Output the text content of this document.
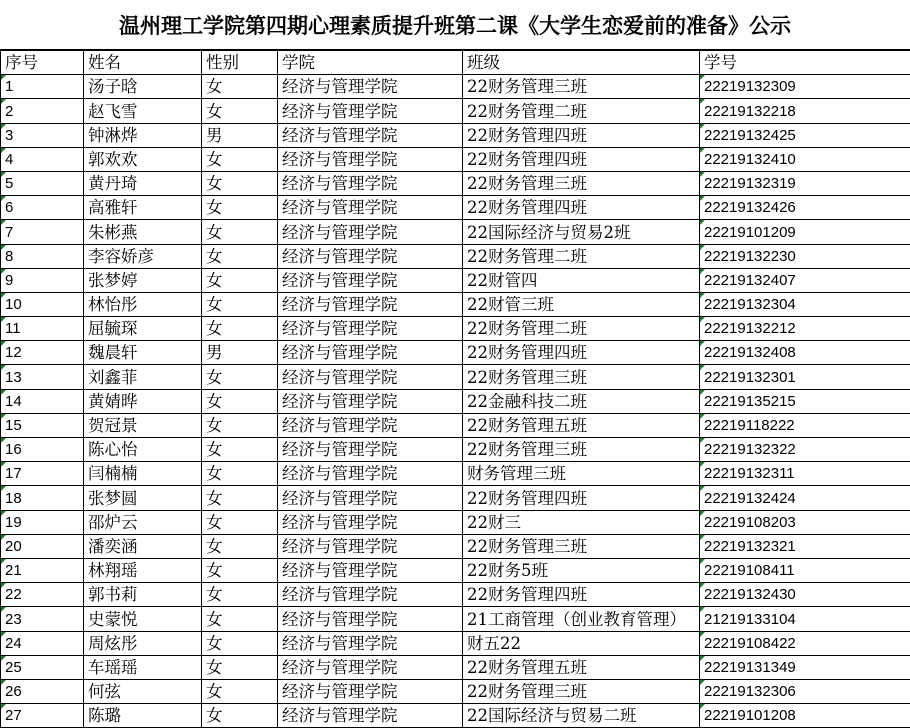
温州理工学院第四期心理素质提升班第二课《大学生恋爱前的准备》公示
序号	姓名	性别	学院	班级	学号
1	汤子晗	女	经济与管理学院	22财务管理三班	22219132309
2	赵飞雪	女	经济与管理学院	22财务管理二班	22219132218
3	钟淋烨	男	经济与管理学院	22财务管理四班	22219132425
4	郭欢欢	女	经济与管理学院	22财务管理四班	22219132410
5	黄丹琦	女	经济与管理学院	22财务管理三班	22219132319
6	高雅轩	女	经济与管理学院	22财务管理四班	22219132426
7	朱彬燕	女	经济与管理学院	22国际经济与贸易2班	22219101209
8	李容娇彦	女	经济与管理学院	22财务管理二班	22219132230
9	张梦婷	女	经济与管理学院	22财管四	22219132407
10	林怡彤	女	经济与管理学院	22财管三班	22219132304
11	屈毓琛	女	经济与管理学院	22财务管理二班	22219132212
12	魏晨轩	男	经济与管理学院	22财务管理四班	22219132408
13	刘鑫菲	女	经济与管理学院	22财务管理三班	22219132301
14	黄婧晔	女	经济与管理学院	22金融科技二班	22219135215
15	贺冠景	女	经济与管理学院	22财务管理五班	22219118222
16	陈心怡	女	经济与管理学院	22财务管理三班	22219132322
17	闫楠楠	女	经济与管理学院	财务管理三班	22219132311
18	张梦圆	女	经济与管理学院	22财务管理四班	22219132424
19	邵炉云	女	经济与管理学院	22财三	22219108203
20	潘奕涵	女	经济与管理学院	22财务管理三班	22219132321
21	林翔瑶	女	经济与管理学院	22财务5班	22219108411
22	郭书莉	女	经济与管理学院	22财务管理四班	22219132430
23	史蒙悦	女	经济与管理学院	21工商管理（创业教育管理）	21219133104
24	周炫彤	女	经济与管理学院	财五22	22219108422
25	车瑶瑶	女	经济与管理学院	22财务管理五班	22219131349
26	何弦	女	经济与管理学院	22财务管理三班	22219132306
27	陈璐	女	经济与管理学院	22国际经济与贸易二班	22219101208
